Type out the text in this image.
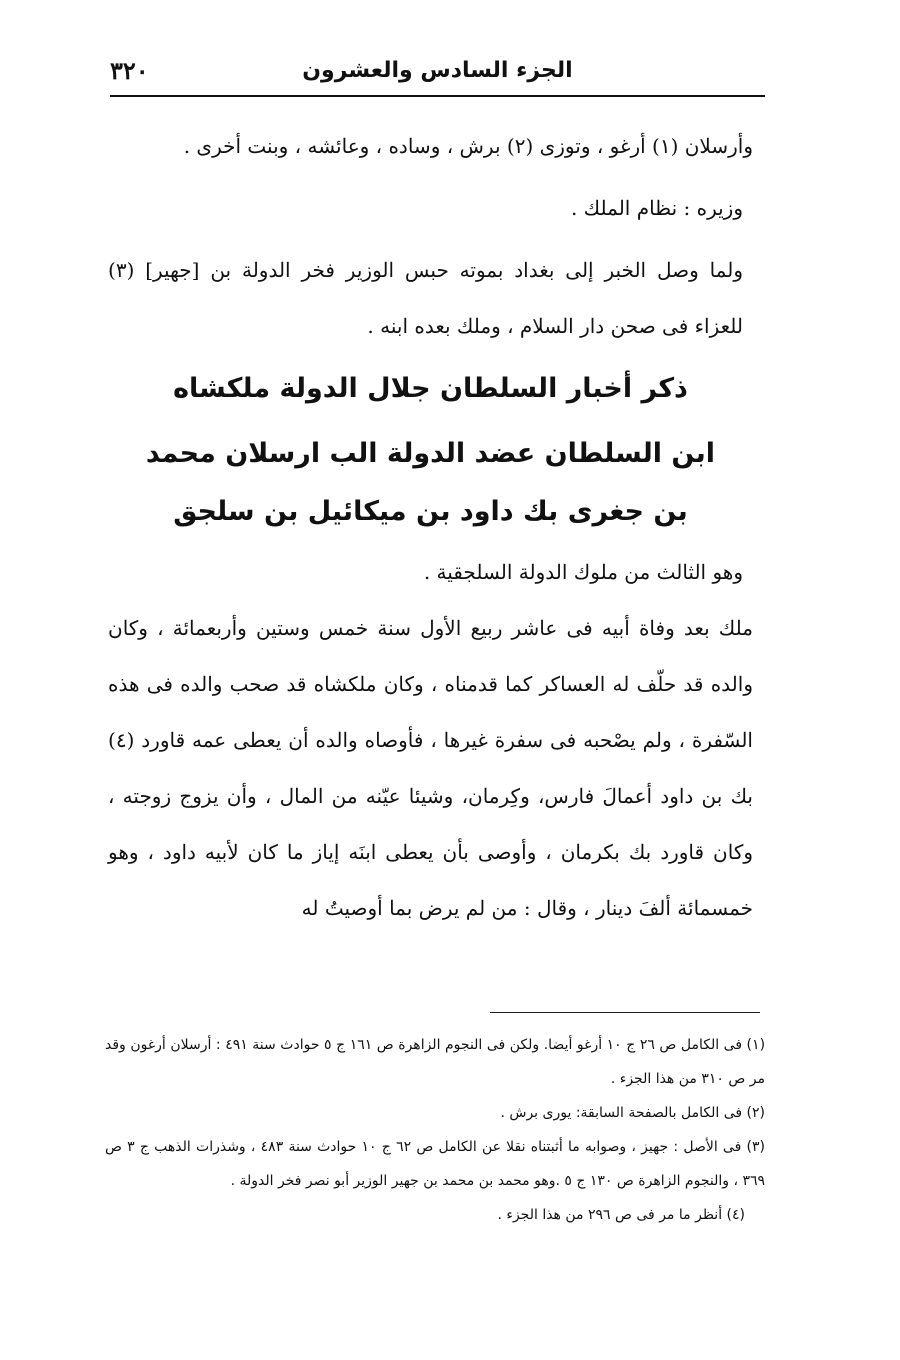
٣٢٠	الجزء السادس والعشرون

وأرسلان (١) أرغو ، وتوزى (٢) برش ، وساده ، وعائشه ، وبنت أخرى .

وزيره : نظام الملك .

ولما وصل الخبر إلى بغداد بموته حبس الوزير فخر الدولة بن [جهير] (٣) للعزاء فى صحن دار السلام ، وملك بعده ابنه .

ذكر أخبار السلطان جلال الدولة ملكشاه
ابن السلطان عضد الدولة الب ارسلان محمد
بن جغرى بك داود بن ميكائيل بن سلجق

وهو الثالث من ملوك الدولة السلجقية .

ملك بعد وفاة أبيه فى عاشر ربيع الأول سنة خمس وستين وأربعمائة ، وكان والده قد حلّف له العساكر كما قدمناه ، وكان ملكشاه قد صحب والده فى هذه السّفرة ، ولم يصْحبه فى سفرة غيرها ، فأوصاه والده أن يعطى عمه قاورد (٤) بك بن داود أعمالَ فارس، وكِرمان، وشيئا عيّنه من المال ، وأن يزوج زوجته ، وكان قاورد بك بكرمان ، وأوصى بأن يعطى ابنَه إياز ما كان لأبيه داود ، وهو خمسمائة ألفَ دينار ، وقال : من لم يرض بما أوصيتُ له

(١) فى الكامل ص ٢٦ ج ١٠ أرغو أيضا. ولكن فى النجوم الزاهرة ص ١٦١ ج ٥ حوادث سنة ٤٩١ : أرسلان أرغون وقد مر ص ٣١٠ من هذا الجزء .

(٢) فى الكامل بالصفحة السابقة: يورى برش .

(٣) فى الأصل : جهيز ، وصوابه ما أثبتناه نقلا عن الكامل ص ٦٢ ج ١٠ حوادث سنة ٤٨٣ ، وشذرات الذهب ج ٣ ص ٣٦٩ ، والنجوم الزاهرة ص ١٣٠ ج ٥ .وهو محمد بن محمد بن جهير الوزير أبو نصر فخر الدولة .

(٤) أنظر ما مر فى ص ٢٩٦ من هذا الجزء .
